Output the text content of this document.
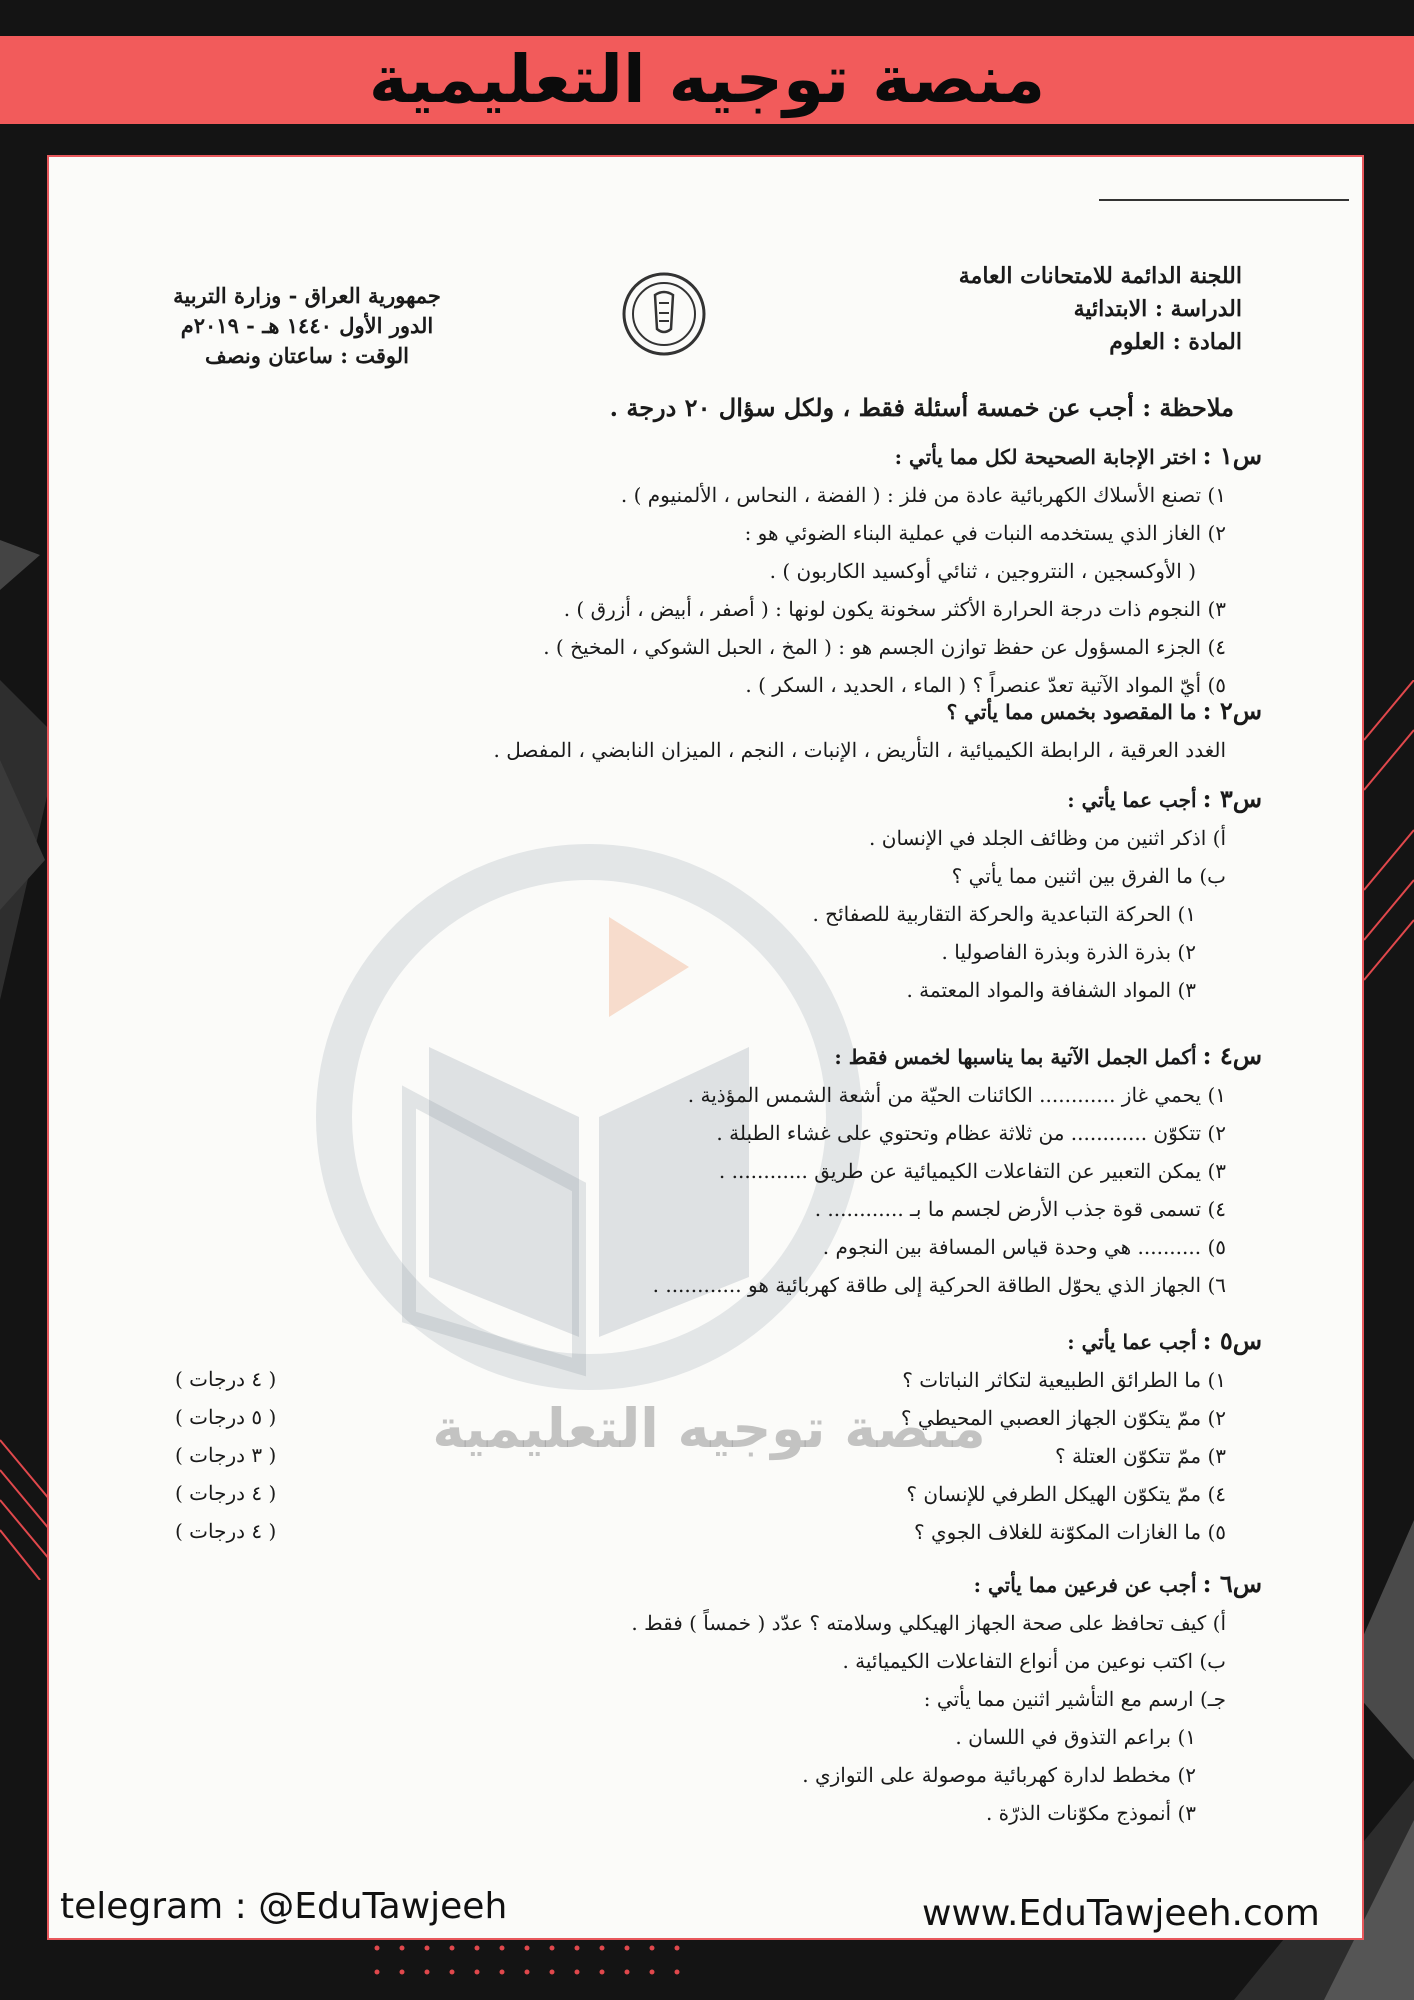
منصة توجيه التعليمية
منصة توجيه التعليمية
اللجنة الدائمة للامتحانات العامة
الدراسة : الابتدائية
المادة : العلوم
جمهورية العراق - وزارة التربية
الدور الأول ١٤٤٠ هـ - ٢٠١٩م
الوقت : ساعتان ونصف
ملاحظة : أجب عن خمسة أسئلة فقط ، ولكل سؤال ٢٠ درجة .
س١ :اختر الإجابة الصحيحة لكل مما يأتي :
١) تصنع الأسلاك الكهربائية عادة من فلز : ( الفضة ، النحاس ، الألمنيوم ) .
٢) الغاز الذي يستخدمه النبات في عملية البناء الضوئي هو :
( الأوكسجين ، النتروجين ، ثنائي أوكسيد الكاربون ) .
٣) النجوم ذات درجة الحرارة الأكثر سخونة يكون لونها : ( أصفر ، أبيض ، أزرق ) .
٤) الجزء المسؤول عن حفظ توازن الجسم هو : ( المخ ، الحبل الشوكي ، المخيخ ) .
٥) أيّ المواد الآتية تعدّ عنصراً ؟ ( الماء ، الحديد ، السكر ) .
س٢ :ما المقصود بخمس مما يأتي ؟
الغدد العرقية ، الرابطة الكيميائية ، التأريض ، الإنبات ، النجم ، الميزان النابضي ، المفصل .
س٣ :أجب عما يأتي :
أ) اذكر اثنين من وظائف الجلد في الإنسان .
ب) ما الفرق بين اثنين مما يأتي ؟
١) الحركة التباعدية والحركة التقاربية للصفائح .
٢) بذرة الذرة وبذرة الفاصوليا .
٣) المواد الشفافة والمواد المعتمة .
س٤ :أكمل الجمل الآتية بما يناسبها لخمس فقط :
١) يحمي غاز ............ الكائنات الحيّة من أشعة الشمس المؤذية .
٢) تتكوّن ............ من ثلاثة عظام وتحتوي على غشاء الطبلة .
٣) يمكن التعبير عن التفاعلات الكيميائية عن طريق ............ .
٤) تسمى قوة جذب الأرض لجسم ما بـ ............ .
٥) .......... هي وحدة قياس المسافة بين النجوم .
٦) الجهاز الذي يحوّل الطاقة الحركية إلى طاقة كهربائية هو ............ .
س٥ :أجب عما يأتي :
١) ما الطرائق الطبيعية لتكاثر النباتات ؟
٢) ممّ يتكوّن الجهاز العصبي المحيطي ؟
٣) ممّ تتكوّن العتلة ؟
٤) ممّ يتكوّن الهيكل الطرفي للإنسان ؟
٥) ما الغازات المكوّنة للغلاف الجوي ؟
( ٤ درجات )
( ٥ درجات )
( ٣ درجات )
( ٤ درجات )
( ٤ درجات )
س٦ :أجب عن فرعين مما يأتي :
أ) كيف تحافظ على صحة الجهاز الهيكلي وسلامته ؟ عدّد ( خمساً ) فقط .
ب) اكتب نوعين من أنواع التفاعلات الكيميائية .
جـ) ارسم مع التأشير اثنين مما يأتي :
١) براعم التذوق في اللسان .
٢) مخطط لدارة كهربائية موصولة على التوازي .
٣) أنموذج مكوّنات الذرّة .
telegram : @EduTawjeeh	www.EduTawjeeh.com
